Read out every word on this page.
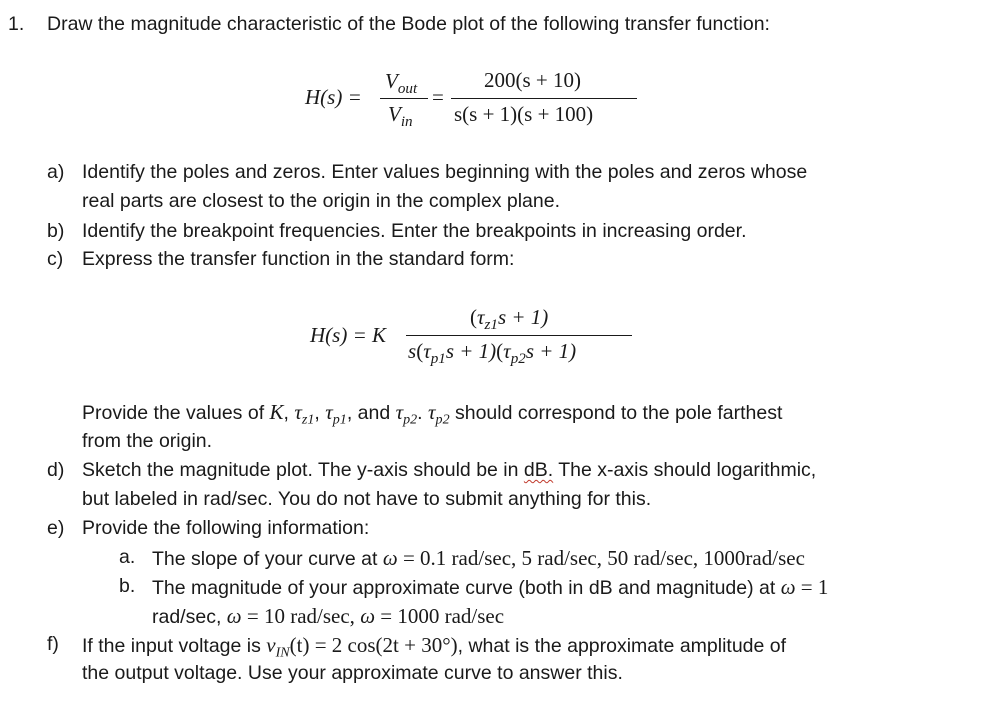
1. Draw the magnitude characteristic of the Bode plot of the following transfer function:
H(s) =
$V_{out}$
$V_{in}$
=
200(s + 10)
s(s + 1)(s + 100)
a) Identify the poles and zeros. Enter values beginning with the poles and zeros whose
real parts are closest to the origin in the complex plane.
b) Identify the breakpoint frequencies. Enter the breakpoints in increasing order.
c) Express the transfer function in the standard form:
H(s) = K
$(\tau_{z1}s + 1)$
$s(\tau_{p1}s + 1)(\tau_{p2}s + 1)$
Provide the values of K, $\tau_{z1}$, $\tau_{p1}$, and $\tau_{p2}$. $\tau_{p2}$ should correspond to the pole farthest
from the origin.
d) Sketch the magnitude plot. The y-axis should be in dB. The x-axis should logarithmic,
but labeled in rad/sec. You do not have to submit anything for this.
e) Provide the following information:
a. The slope of your curve at ω = 0.1 rad/sec, 5 rad/sec, 50 rad/sec, 1000rad/sec
b. The magnitude of your approximate curve (both in dB and magnitude) at ω = 1
rad/sec, ω = 10 rad/sec, ω = 1000 rad/sec
f) If the input voltage is $v_{IN}(t) = 2$ cos(2t + 30°), what is the approximate amplitude of
the output voltage. Use your approximate curve to answer this.
